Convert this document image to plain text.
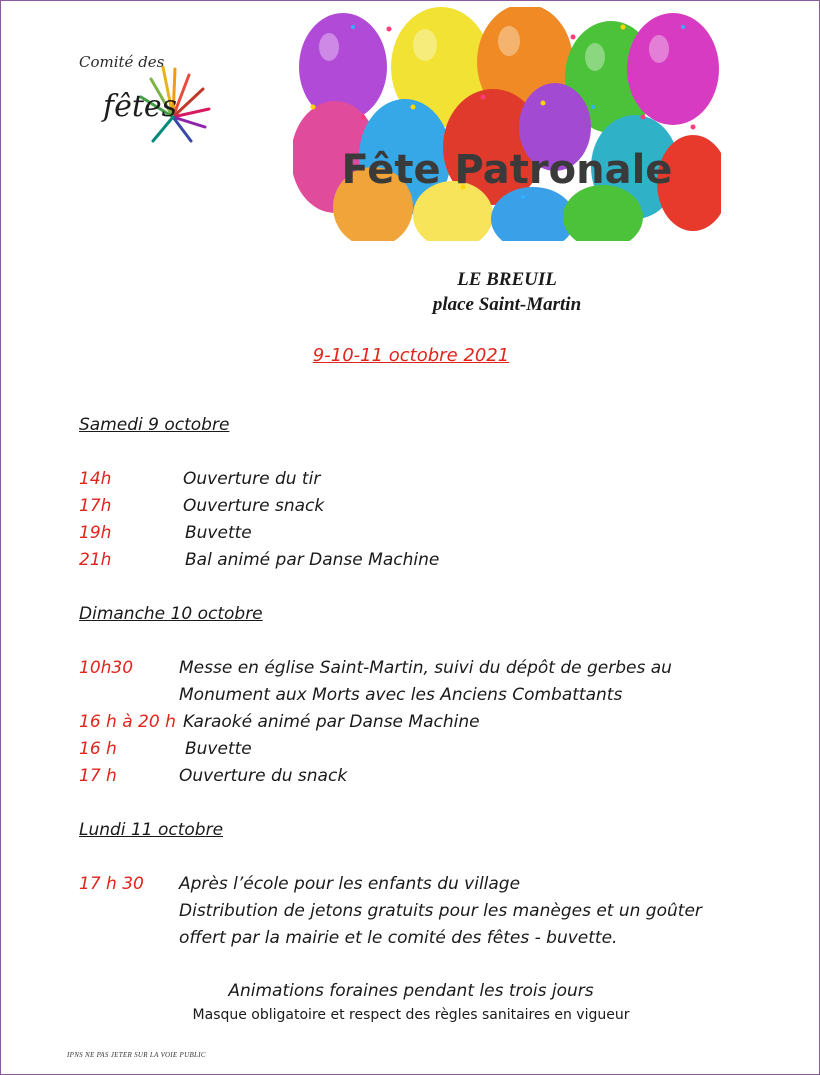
Comité des
fêtes
Fête Patronale
LE BREUIL
place Saint-Martin
9-10-11 octobre 2021
Samedi 9 octobre
14h	Ouverture du tir
17h	Ouverture snack
19h	Buvette
21h	Bal animé par Danse Machine
Dimanche 10 octobre
10h30	Messe en église Saint-Martin, suivi du dépôt de gerbes au
Monument aux Morts avec les Anciens Combattants
16 h à 20 h Karaoké animé par Danse Machine
16 h	Buvette
17 h	Ouverture du snack
Lundi 11 octobre
17 h 30 Après l’école pour les enfants du village
Distribution de jetons gratuits pour les manèges et un goûter
offert par la mairie et le comité des fêtes - buvette.
Animations foraines pendant les trois jours
Masque obligatoire et respect des règles sanitaires en vigueur
IPNS NE PAS JETER SUR LA VOIE PUBLIC
